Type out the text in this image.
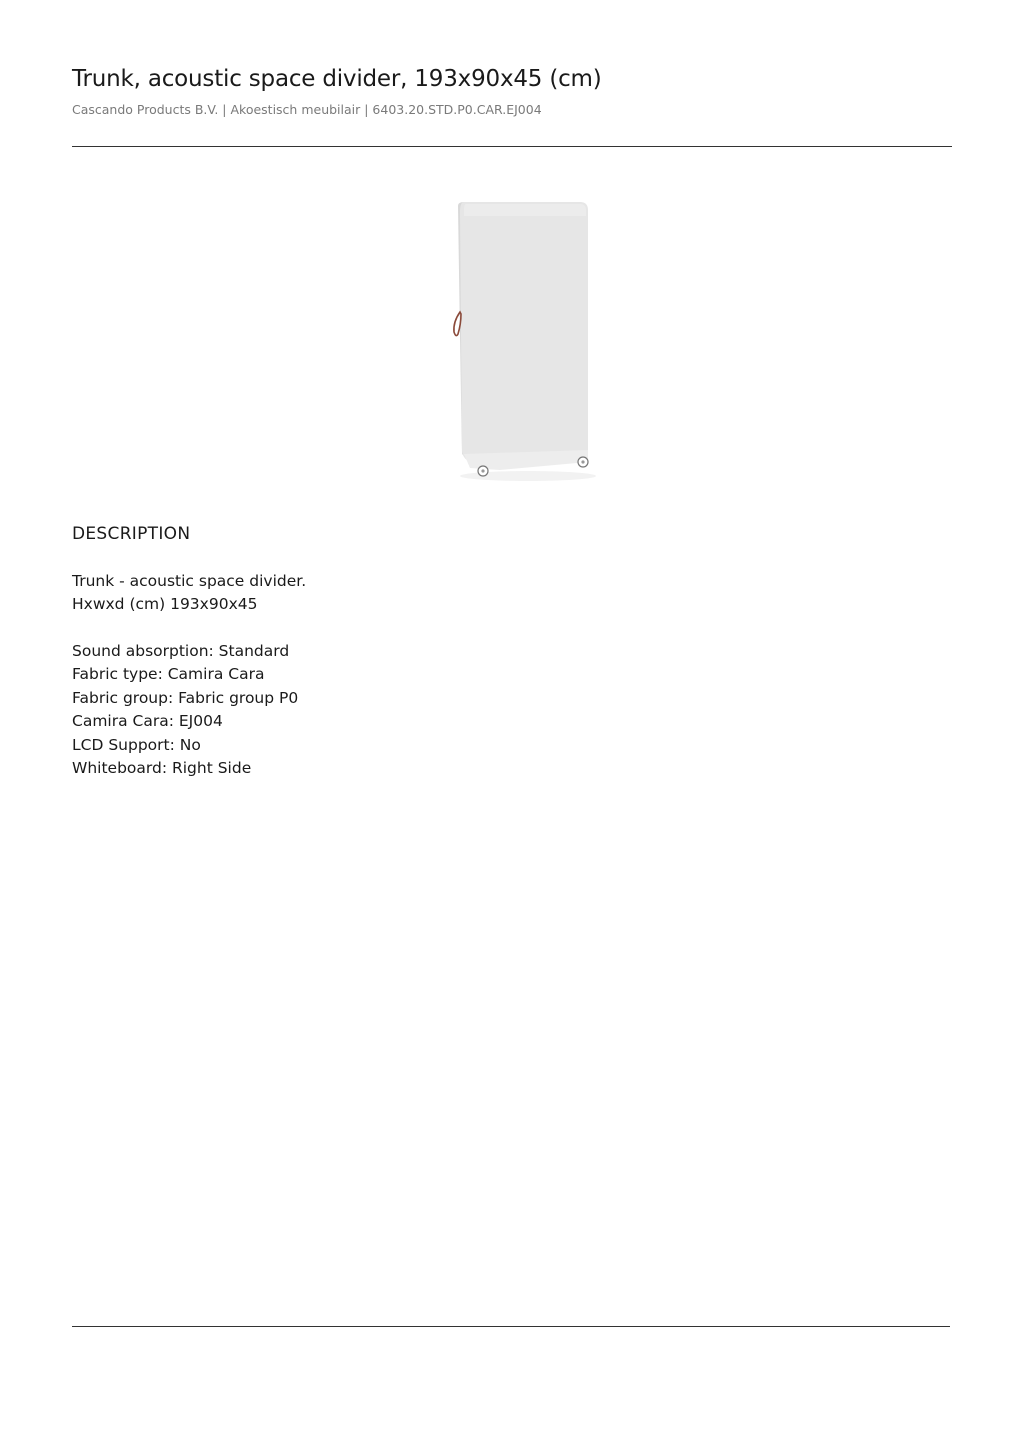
Trunk, acoustic space divider, 193x90x45 (cm)
Cascando Products B.V. | Akoestisch meubilair | 6403.20.STD.P0.CAR.EJ004
DESCRIPTION
Trunk - acoustic space divider.
Hxwxd (cm) 193x90x45
Sound absorption: Standard
Fabric type: Camira Cara
Fabric group: Fabric group P0
Camira Cara: EJ004
LCD Support: No
Whiteboard: Right Side
